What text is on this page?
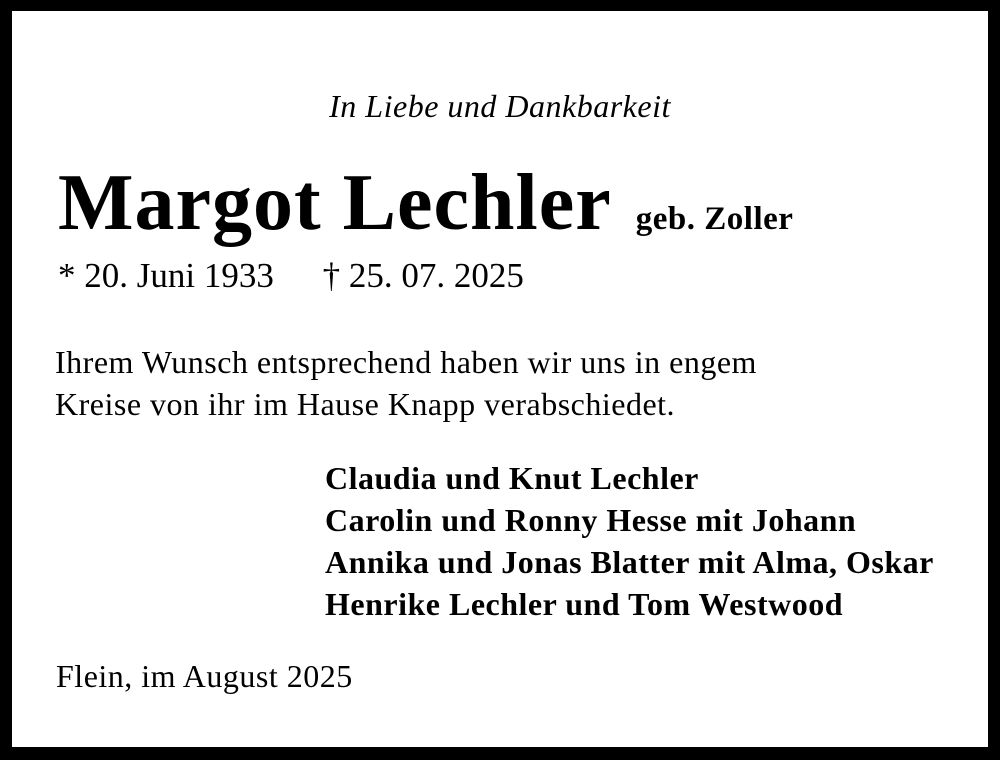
In Liebe und Dankbarkeit
Margot Lechler geb. Zoller
* 20. Juni 1933 † 25. 07. 2025
Ihrem Wunsch entsprechend haben wir uns in engem
Kreise von ihr im Hause Knapp verabschiedet.
Claudia und Knut Lechler
Carolin und Ronny Hesse mit Johann
Annika und Jonas Blatter mit Alma, Oskar
Henrike Lechler und Tom Westwood
Flein, im August 2025
